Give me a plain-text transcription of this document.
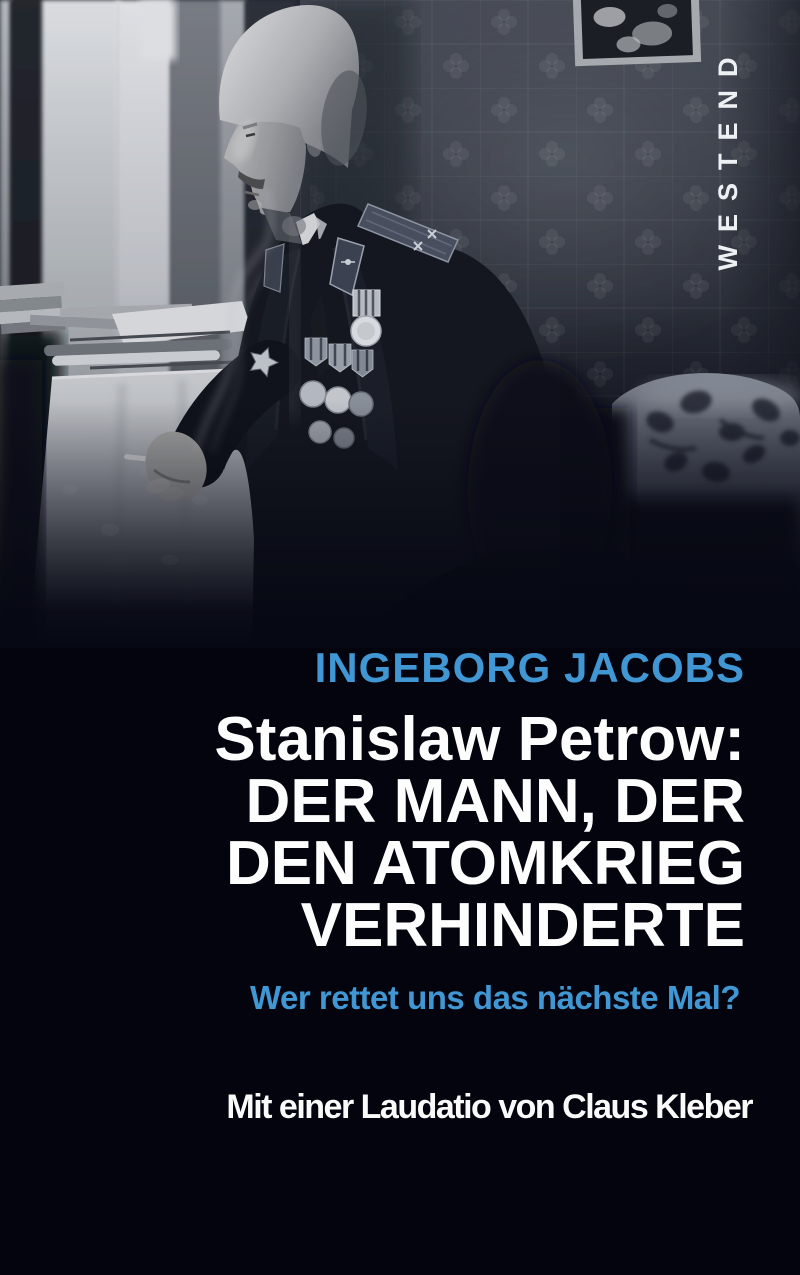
WESTEND
INGEBORG JACOBS
Stanislaw Petrow:
DER MANN, DER
DEN ATOMKRIEG
VERHINDERTE
Wer rettet uns das nächste Mal?
Mit einer Laudatio von Claus Kleber
